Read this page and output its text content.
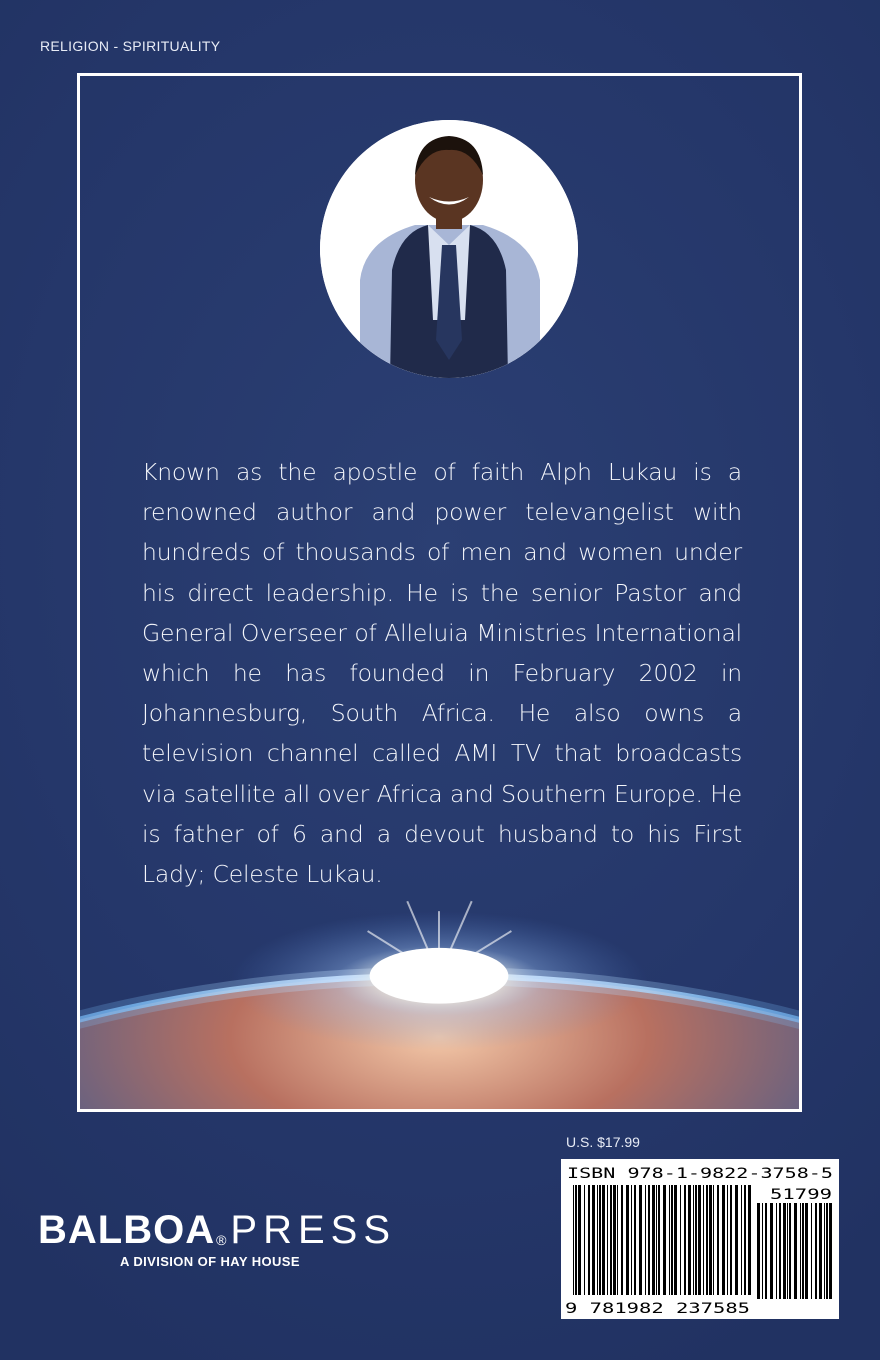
RELIGION - SPIRITUALITY

Known as the apostle of faith Alph Lukau is a renowned author and power televangelist with hundreds of thousands of men and women under his direct leadership. He is the senior Pastor and General Overseer of Alleluia Ministries International which he has founded in February 2002 in Johannesburg, South Africa. He also owns a television channel called AMI TV that broadcasts via satellite all over Africa and Southern Europe. He is father of 6 and a devout husband to his First Lady; Celeste Lukau.

U.S. $17.99
ISBN 978-1-9822-3758-5
51799
9 781982 237585
BALBOA®PRESS
A DIVISION OF HAY HOUSE
